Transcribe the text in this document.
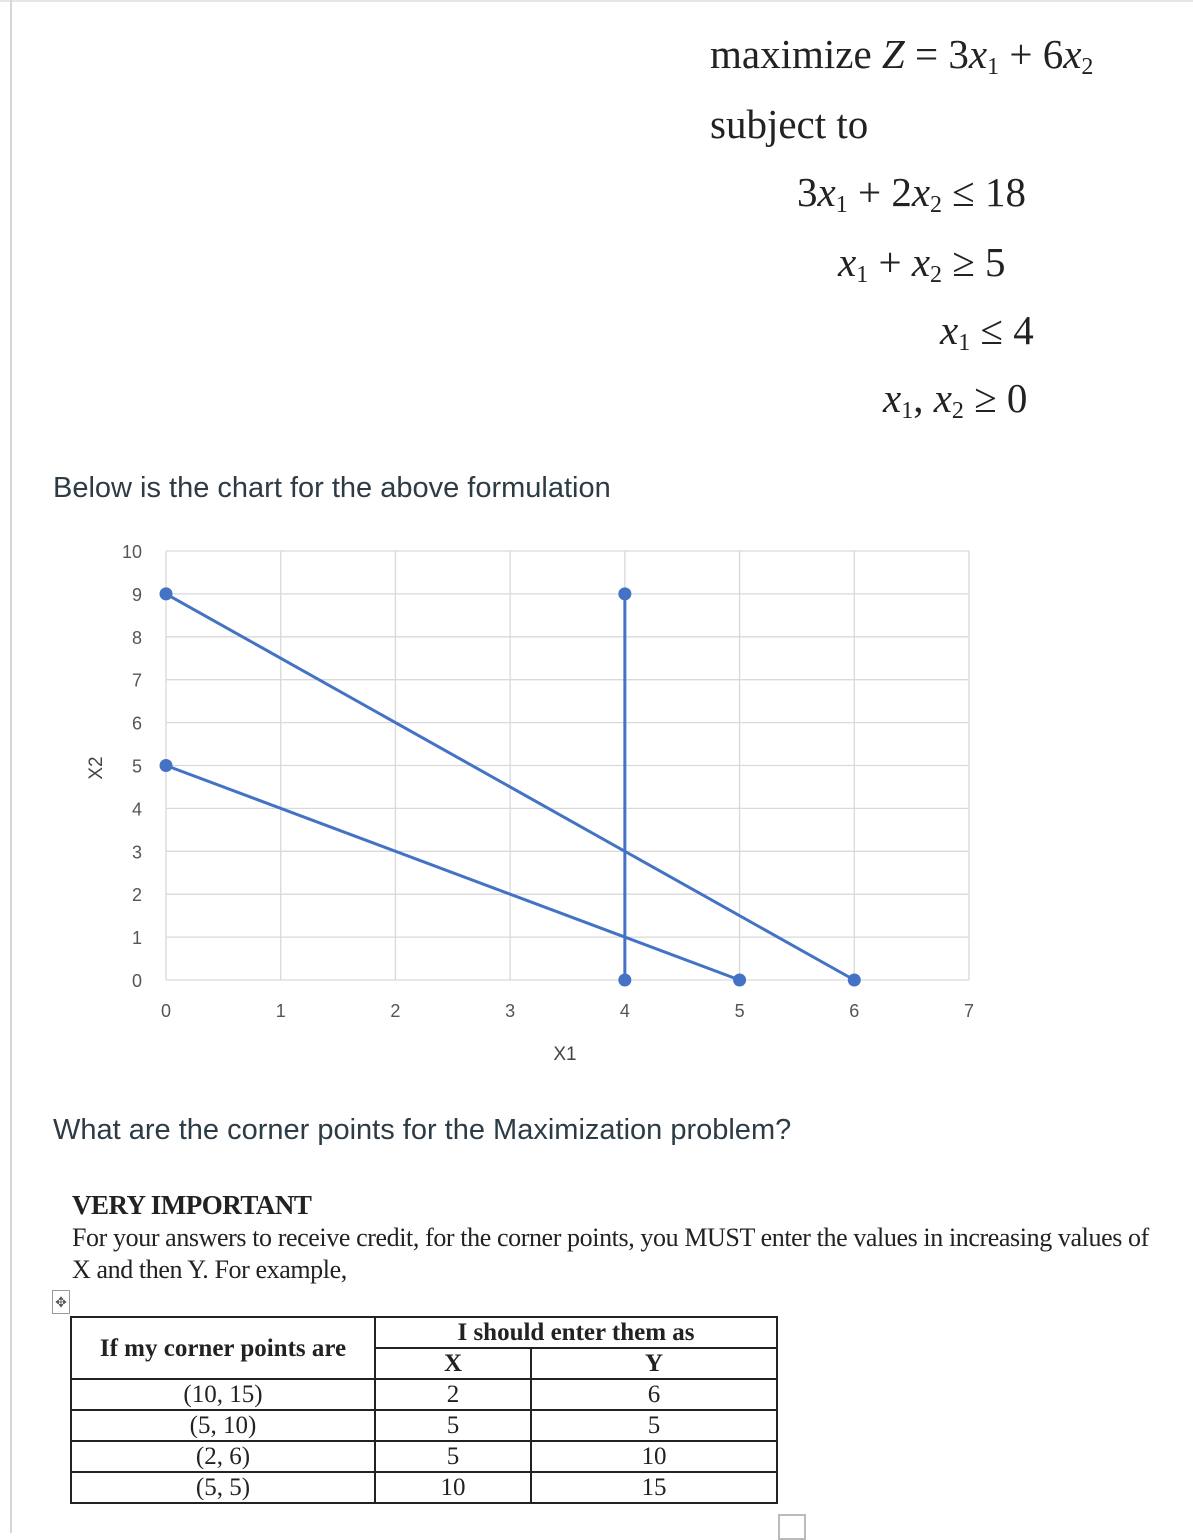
maximize $Z = 3x_1 + 6x_2$
subject to
$3x_1 + 2x_2 \le 18$
$x_1 + x_2 \ge 5$
$x_1 \le 4$
$x_1$, $x_2 \ge 0$
Below is the chart for the above formulation
0
1
2
3
4
5
6
7
8
9
10
0	1	2	3	4	5	6	7
X1
X2
What are the corner points for the Maximization problem?
VERY IMPORTANT
For your answers to receive credit, for the corner points, you MUST enter the values in increasing values of X and then Y. For example,
✥
If my corner points are	I should enter them as	
	X	Y
(10, 15)	2	6
(5, 10)	5	5
(2, 6)	5	10
(5, 5)	10	15
